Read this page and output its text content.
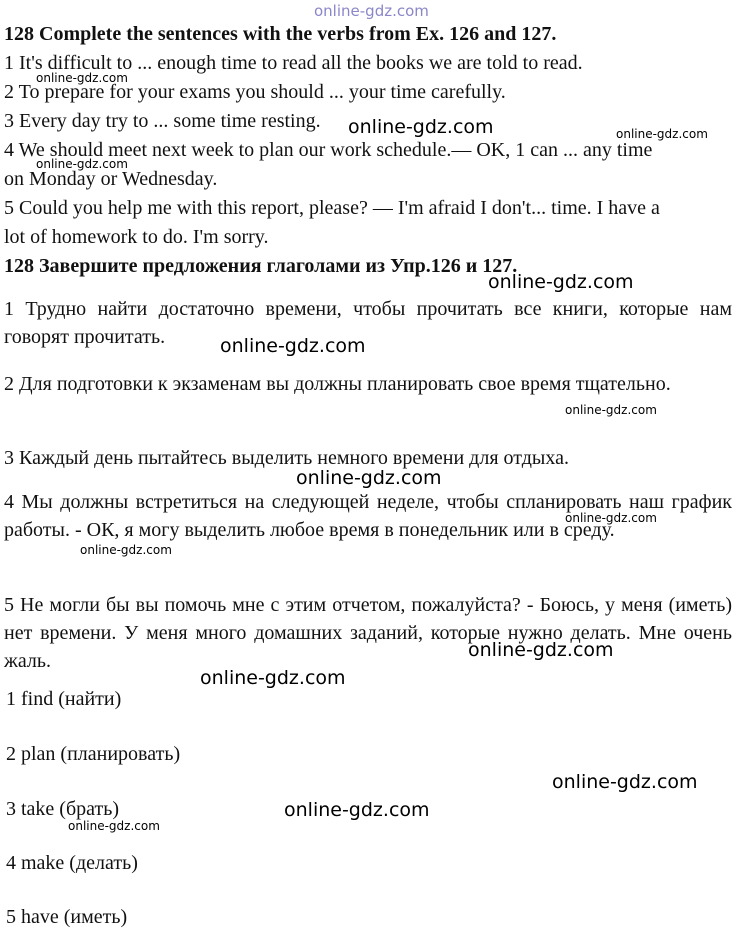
online-gdz.com
128 Complete the sentences with the verbs from Ex. 126 and 127.
1 It's difficult to ... enough time to read all the books we are told to read.
2 To prepare for your exams you should ... your time carefully.
3 Every day try to ... some time resting.
4 We should meet next week to plan our work schedule.— OK, 1 can ... any time
on Monday or Wednesday.
5 Could you help me with this report, please? — I'm afraid I don't... time. I have a
lot of homework to do. I'm sorry.
128 Завершите предложения глаголами из Упр.126 и 127.
1 Трудно найти достаточно времени, чтобы прочитать все книги, которые нам говорят прочитать.
2 Для подготовки к экзаменам вы должны планировать свое время тщательно.
3 Каждый день пытайтесь выделить немного времени для отдыха.
4 Мы должны встретиться на следующей неделе, чтобы спланировать наш график работы. - ОК, я могу выделить любое время в понедельник или в среду.
5 Не могли бы вы помочь мне с этим отчетом, пожалуйста? - Боюсь, у меня (иметь) нет времени. У меня много домашних заданий, которые нужно делать. Мне очень жаль.
1 find (найти)
2 plan (планировать)
3 take (брать)
4 make (делать)
5 have (иметь)
online-gdz.com
online-gdz.com	online-gdz.com
online-gdz.com
online-gdz.com
online-gdz.com
online-gdz.com
online-gdz.com
online-gdz.com
online-gdz.com
online-gdz.com
online-gdz.com
online-gdz.com
online-gdz.com
online-gdz.com
